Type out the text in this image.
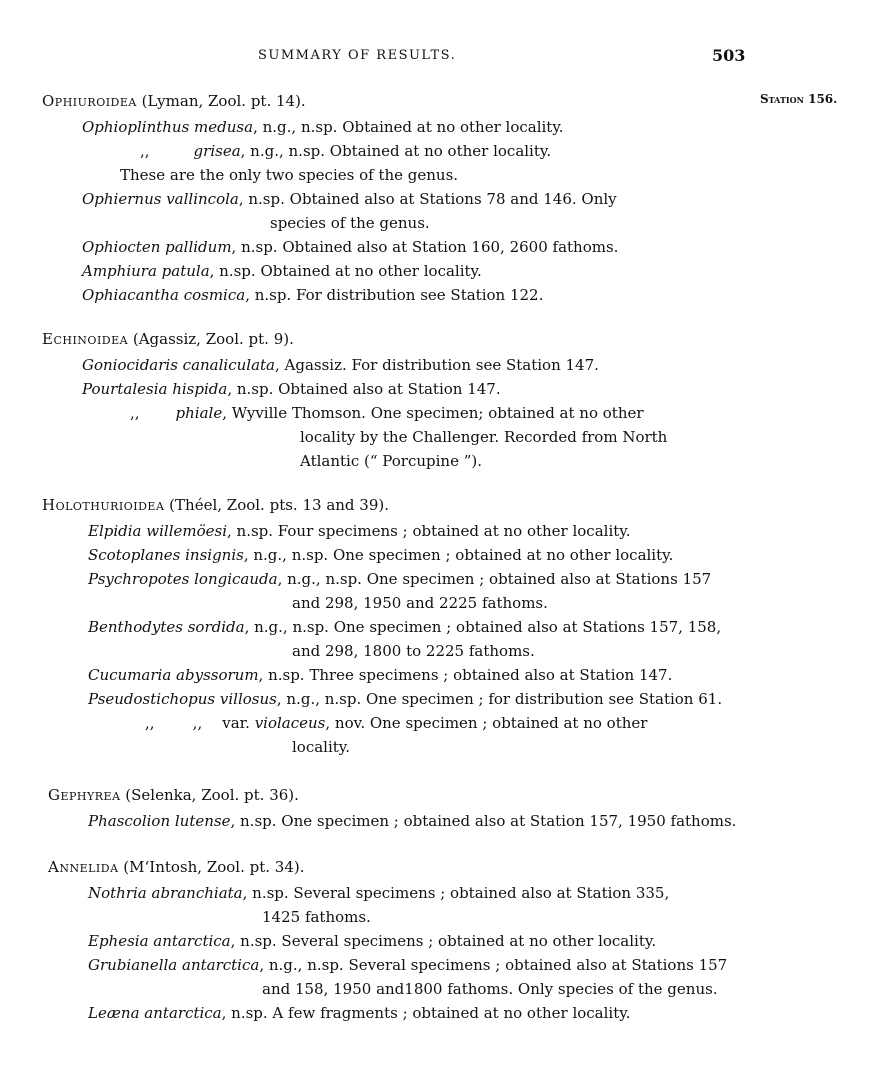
SUMMARY OF RESULTS.	503
Station 156.
Ophiuroidea (Lyman, Zool. pt. 14).
Ophioplinthus medusa, n.g., n.sp. Obtained at no other locality.
,,	grisea, n.g., n.sp. Obtained at no other locality.
These are the only two species of the genus.
Ophiernus vallincola, n.sp. Obtained also at Stations 78 and 146. Only
species of the genus.
Ophiocten pallidum, n.sp. Obtained also at Station 160, 2600 fathoms.
Amphiura patula, n.sp. Obtained at no other locality.
Ophiacantha cosmica, n.sp. For distribution see Station 122.
Echinoidea (Agassiz, Zool. pt. 9).
Goniocidaris canaliculata, Agassiz. For distribution see Station 147.
Pourtalesia hispida, n.sp. Obtained also at Station 147.
,, phiale, Wyville Thomson. One specimen; obtained at no other
locality by the Challenger. Recorded from North
Atlantic (“ Porcupine ”).
Holothurioidea (Théel, Zool. pts. 13 and 39).
Elpidia willemöesi, n.sp. Four specimens ; obtained at no other locality.
Scotoplanes insignis, n.g., n.sp. One specimen ; obtained at no other locality.
Psychropotes longicauda, n.g., n.sp. One specimen ; obtained also at Stations 157
and 298, 1950 and 2225 fathoms.
Benthodytes sordida, n.g., n.sp. One specimen ; obtained also at Stations 157, 158,
and 298, 1800 to 2225 fathoms.
Cucumaria abyssorum, n.sp. Three specimens ; obtained also at Station 147.
Pseudostichopus villosus, n.g., n.sp. One specimen ; for distribution see Station 61.
,,        ,, var. violaceus, nov. One specimen ; obtained at no other
locality.
Gephyrea (Selenka, Zool. pt. 36).
Phascolion lutense, n.sp. One specimen ; obtained also at Station 157, 1950 fathoms.
Annelida (M‘Intosh, Zool. pt. 34).
Nothria abranchiata, n.sp. Several specimens ; obtained also at Station 335,
1425 fathoms.
Ephesia antarctica, n.sp. Several specimens ; obtained at no other locality.
Grubianella antarctica, n.g., n.sp. Several specimens ; obtained also at Stations 157
and 158, 1950 and1800 fathoms. Only species of the genus.
Leæna antarctica, n.sp. A few fragments ; obtained at no other locality.
